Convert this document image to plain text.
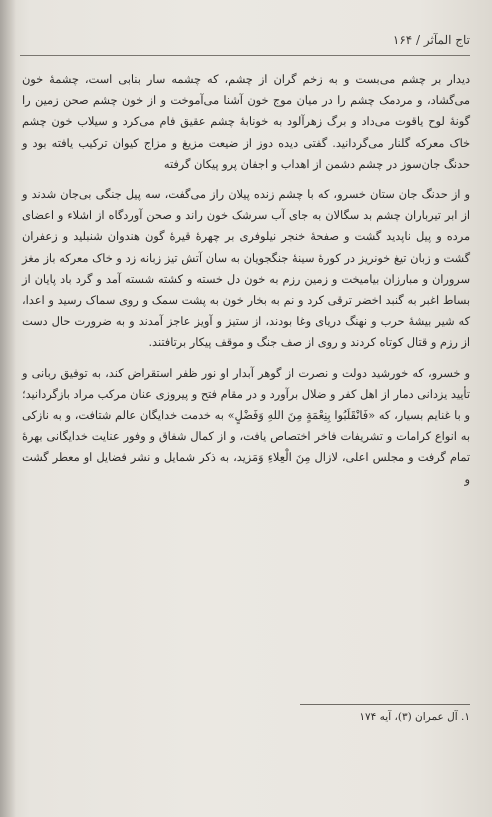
تاج المآثر / ۱۶۴

دیدار بر چشم می‌بست و به زخم گران از چشم، که چشمه سار بنابی است، چشمهٔ خون می‌گشاد، و مردمک چشم را در میان موج خون آشنا می‌آموخت و از خون چشم صحن زمین را گونهٔ لوح یاقوت می‌داد و برگ زهرآلود به خونابهٔ چشم عقیق فام می‌کرد و سیلاب خون چشم خاک معرکه گلنار می‌گردانید. گفتی دیده دوز از ضیعت مزیغ و مزاج کیوان ترکیب یافته بود و حدنگ جان‌سوز در چشم دشمن از اهداب و اجفان پرو پیکان گرفته

و از حدنگ جان ستان خسرو، که با چشم زنده پیلان راز می‌گفت، سه پیل جنگی بی‌جان شدند و از ابر تیرباران چشم بد سگالان به جای آب سرشک خون راند و صحن آوردگاه از اشلاء و اعضای مرده و پیل ناپدید گشت و صفحهٔ خنجر نیلوفری بر چهرهٔ قیرهٔ گون هندوان شنبلید و زعفران گشت و زبان تیغ خونریز در کورهٔ سینهٔ جنگجویان به سان آتش تیز زبانه زد و خاک معرکه باز مغز سروران و مبارزان بیامیخت و زمین رزم به خون دل خسته و کشته شسته آمد و گرد باد پایان از بساط اغبر به گنبد اخضر ترقی کرد و نم به بخار خون به پشت سمک و روی سماک رسید و اعدا، که شیر بیشهٔ حرب و نهنگ دریای وغا بودند، از ستیز و آویز عاجز آمدند و به ضرورت حال دست از رزم و قتال کوتاه کردند و روی از صف جنگ و موقف پیکار برتافتند.

و خسرو، که خورشید دولت و نصرت از گوهر آبدار او نور ظفر استقراض کند، به توفیق ربانی و تأیید یزدانی دمار از اهل کفر و ضلال برآورد و در مقام فتح و پیروزی عنان مرکب مراد بازگردانید؛ و با غنایم بسیار، که «فَانْقَلَبُوا بِنِعْمَةٍ مِنَ اللهِ وَفَضْلٍ» به خدمت خدایگان عالم شتافت، و به نازکی به انواع کرامات و تشریفات فاخر اختصاص یافت، و از کمال شفاق و وفور عنایت خدایگانی بهرهٔ تمام گرفت و مجلس اعلی، لازال مِنَ الْعِلاءِ وَمَزید، به ذکر شمایل و نشر فضایل او معطر گشت و

۱. آل عمران (۳)، آیه ۱۷۴
